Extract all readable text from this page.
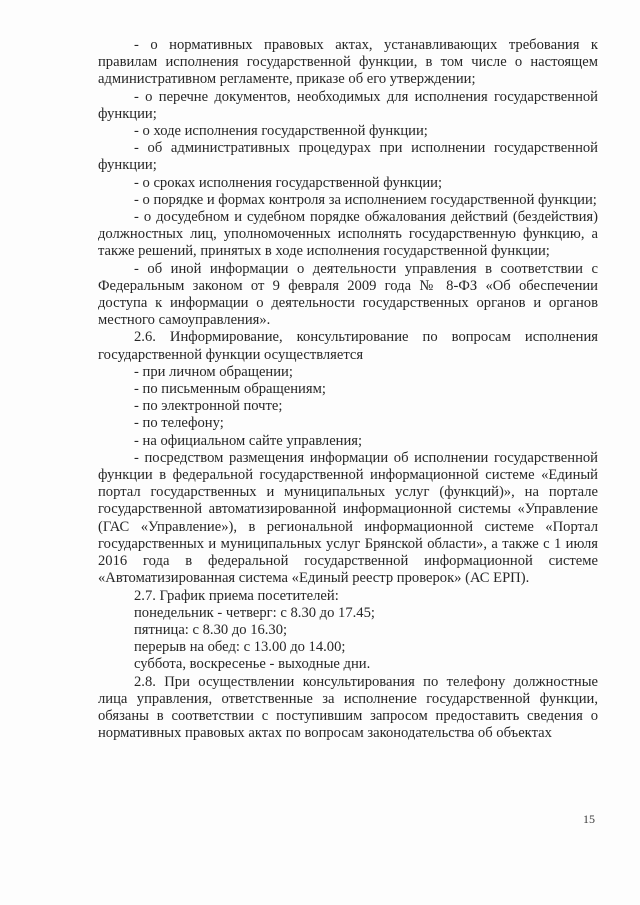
- о нормативных правовых актах, устанавливающих требования к правилам исполнения государственной функции, в том числе о настоящем административном регламенте, приказе об его утверждении;

- о перечне документов, необходимых для исполнения государственной функции;

- о ходе исполнения государственной функции;

- об административных процедурах при исполнении государственной функции;

- о сроках исполнения государственной функции;

- о порядке и формах контроля за исполнением государственной функции;

- о досудебном и судебном порядке обжалования действий (бездействия) должностных лиц, уполномоченных исполнять государственную функцию, а также решений, принятых в ходе исполнения государственной функции;

- об иной информации о деятельности управления в соответствии с Федеральным законом от 9 февраля 2009 года № 8-ФЗ «Об обеспечении доступа к информации о деятельности государственных органов и органов местного самоуправления».

2.6. Информирование, консультирование по вопросам исполнения государственной функции осуществляется

- при личном обращении;

- по письменным обращениям;

- по электронной почте;

- по телефону;

- на официальном сайте управления;

- посредством размещения информации об исполнении государственной функции в федеральной государственной информационной системе «Единый портал государственных и муниципальных услуг (функций)», на портале государственной автоматизированной информационной системы «Управление (ГАС «Управление»), в региональной информационной системе «Портал государственных и муниципальных услуг Брянской области», а также с 1 июля 2016 года в федеральной государственной информационной системе «Автоматизированная система «Единый реестр проверок» (АС ЕРП).

2.7. График приема посетителей:

понедельник - четверг: с 8.30 до 17.45;

пятница: с 8.30 до 16.30;

перерыв на обед: с 13.00 до 14.00;

суббота, воскресенье - выходные дни.

2.8. При осуществлении консультирования по телефону должностные лица управления, ответственные за исполнение государственной функции, обязаны в соответствии с поступившим запросом предоставить сведения о нормативных правовых актах по вопросам законодательства об объектах

15
